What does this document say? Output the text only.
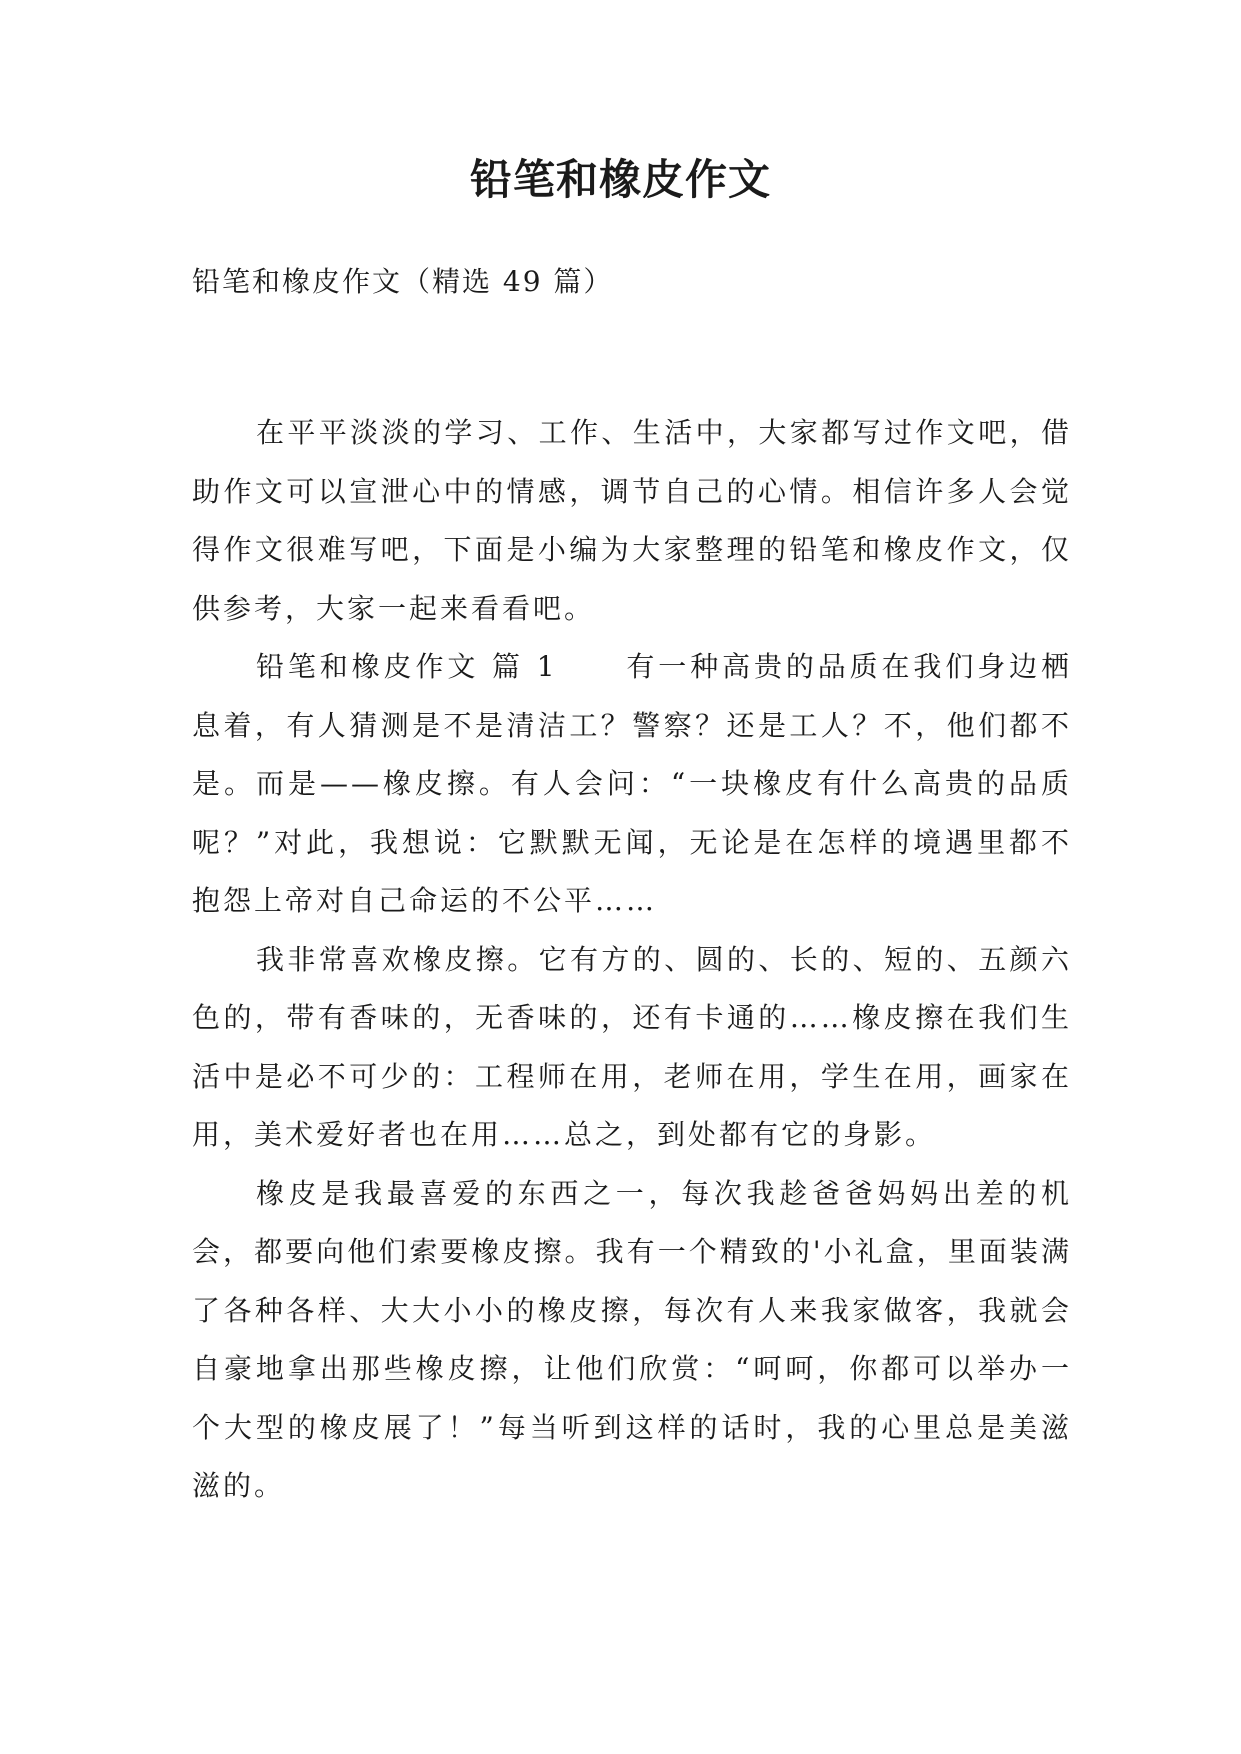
铅笔和橡皮作文

铅笔和橡皮作文（精选 49 篇）

在平平淡淡的学习、工作、生活中，大家都写过作文吧，借助作文可以宣泄心中的情感，调节自己的心情。相信许多人会觉得作文很难写吧，下面是小编为大家整理的铅笔和橡皮作文，仅供参考，大家一起来看看吧。

铅笔和橡皮作文 篇 1 有一种高贵的品质在我们身边栖息着，有人猜测是不是清洁工？警察？还是工人？不，他们都不是。而是——橡皮擦。有人会问：“一块橡皮有什么高贵的品质呢？”对此，我想说：它默默无闻，无论是在怎样的境遇里都不抱怨上帝对自己命运的不公平……

我非常喜欢橡皮擦。它有方的、圆的、长的、短的、五颜六色的，带有香味的，无香味的，还有卡通的……橡皮擦在我们生活中是必不可少的：工程师在用，老师在用，学生在用，画家在用，美术爱好者也在用……总之，到处都有它的身影。

橡皮是我最喜爱的东西之一，每次我趁爸爸妈妈出差的机会，都要向他们索要橡皮擦。我有一个精致的'小礼盒，里面装满了各种各样、大大小小的橡皮擦，每次有人来我家做客，我就会自豪地拿出那些橡皮擦，让他们欣赏：“呵呵，你都可以举办一个大型的橡皮展了！”每当听到这样的话时，我的心里总是美滋滋的。
